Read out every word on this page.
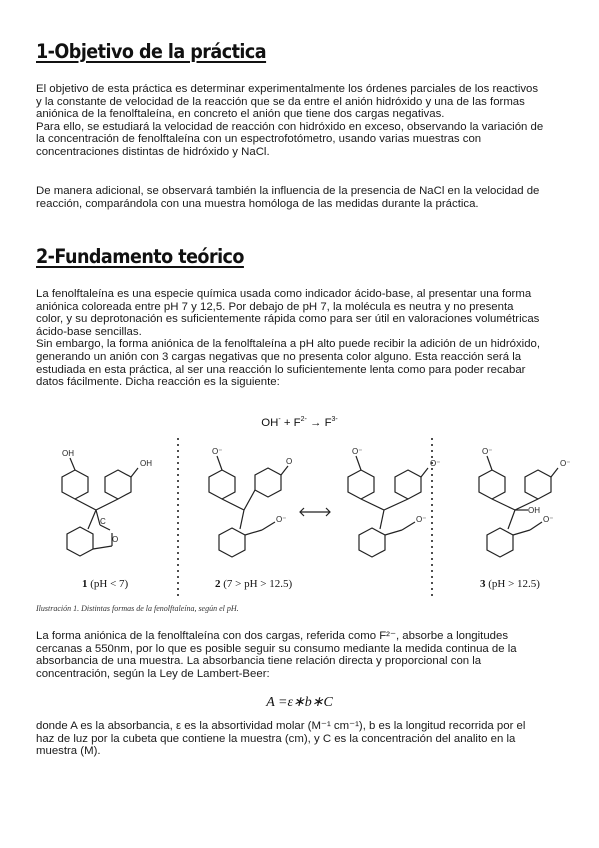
1-Objetivo de la práctica
El objetivo de esta práctica es determinar experimentalmente los órdenes parciales de los reactivos
y la constante de velocidad de la reacción que se da entre el anión hidróxido y una de las formas
aniónica de la fenolftaleína, en concreto el anión que tiene dos cargas negativas.
Para ello, se estudiará la velocidad de reacción con hidróxido en exceso, observando la variación de
la concentración de fenolftaleína con un espectrofotómetro, usando varias muestras con
concentraciones distintas de hidróxido y NaCl.
De manera adicional, se observará también la influencia de la presencia de NaCl en la velocidad de
reacción, comparándola con una muestra homóloga de las medidas durante la práctica.
2-Fundamento teórico
La fenolftaleína es una especie química usada como indicador ácido-base, al presentar una forma
aniónica coloreada entre pH 7 y 12,5. Por debajo de pH 7, la molécula es neutra y no presenta
color, y su deprotonación es suficientemente rápida como para ser útil en valoraciones volumétricas
ácido-base sencillas.
Sin embargo, la forma aniónica de la fenolftaleína a pH alto puede recibir la adición de un hidróxido,
generando un anión con 3 cargas negativas que no presenta color alguno. Esta reacción será la
estudiada en esta práctica, al ser una reacción lo suficientemente lenta como para poder recabar
datos fácilmente. Dicha reacción es la siguiente:
$OH^- + F^{2-} \to F^{3-}$
OH
OH
C
O
O⁻
O
O⁻
O⁻
O⁻
O⁻
O⁻
O⁻
OH
O⁻
1 (pH < 7)	2 (7 > pH > 12.5)	3 (pH > 12.5)

Ilustración 1. Distintas formas de la fenolftaleína, según el pH.

La forma aniónica de la fenolftaleína con dos cargas, referida como F²⁻, absorbe a longitudes
cercanas a 550nm, por lo que es posible seguir su consumo mediante la medida continua de la
absorbancia de una muestra. La absorbancia tiene relación directa y proporcional con la
concentración, según la Ley de Lambert-Beer:
A =ε∗b∗C
donde A es la absorbancia, ε es la absortividad molar (M⁻¹ cm⁻¹), b es la longitud recorrida por el
haz de luz por la cubeta que contiene la muestra (cm), y C es la concentración del analito en la
muestra (M).
